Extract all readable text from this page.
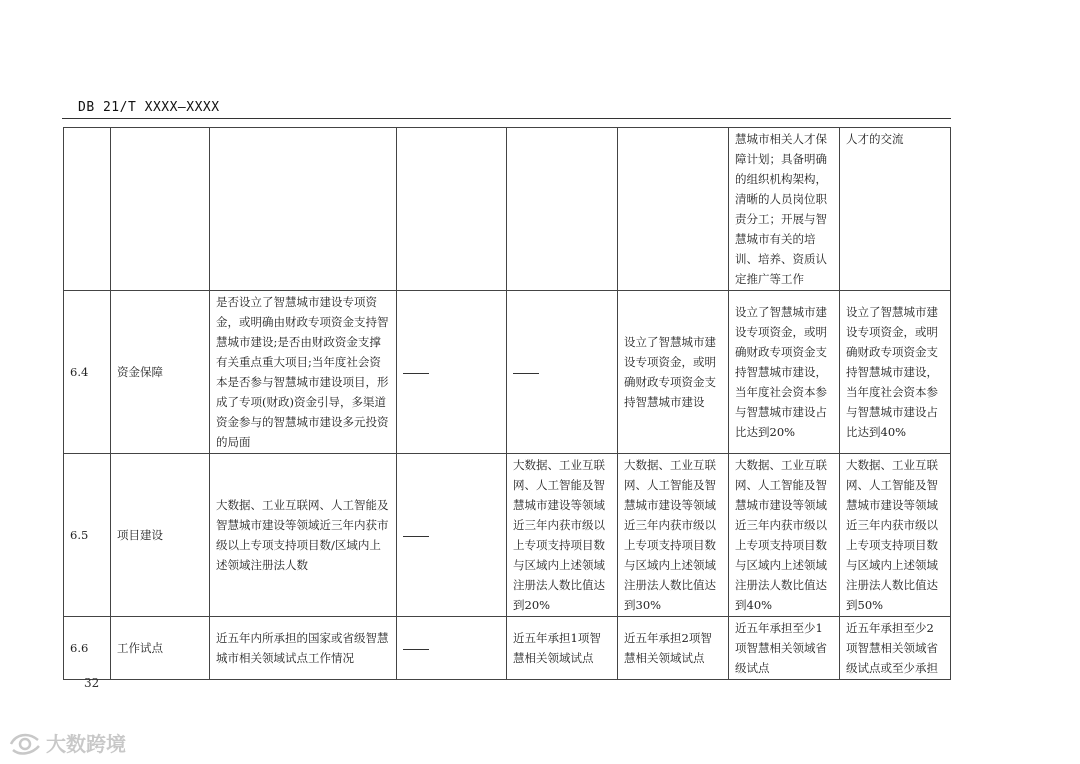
DB 21/T XXXX—XXXX
						慧城市相关人才保障计划；具备明确的组织机构架构，清晰的人员岗位职责分工；开展与智慧城市有关的培训、培养、资质认定推广等工作	人才的交流
6.4	资金保障	是否设立了智慧城市建设专项资金，或明确由财政专项资金支持智慧城市建设;是否由财政资金支撑有关重点重大项目;当年度社会资本是否参与智慧城市建设项目，形成了专项(财政)资金引导，多渠道资金参与的智慧城市建设多元投资的局面			设立了智慧城市建设专项资金，或明确财政专项资金支持智慧城市建设	设立了智慧城市建设专项资金，或明确财政专项资金支持智慧城市建设，当年度社会资本参与智慧城市建设占比达到20%	设立了智慧城市建设专项资金，或明确财政专项资金支持智慧城市建设，当年度社会资本参与智慧城市建设占比达到40%
6.5	项目建设	大数据、工业互联网、人工智能及智慧城市建设等领域近三年内获市级以上专项支持项目数/区域内上述领域注册法人数		大数据、工业互联网、人工智能及智慧城市建设等领域近三年内获市级以上专项支持项目数与区域内上述领域注册法人数比值达到20%	大数据、工业互联网、人工智能及智慧城市建设等领域近三年内获市级以上专项支持项目数与区域内上述领域注册法人数比值达到30%	大数据、工业互联网、人工智能及智慧城市建设等领域近三年内获市级以上专项支持项目数与区域内上述领域注册法人数比值达到40%	大数据、工业互联网、人工智能及智慧城市建设等领域近三年内获市级以上专项支持项目数与区域内上述领域注册法人数比值达到50%
6.6	工作试点	近五年内所承担的国家或省级智慧城市相关领域试点工作情况		近五年承担1项智慧相关领域试点	近五年承担2项智慧相关领域试点	近五年承担至少1项智慧相关领域省级试点	近五年承担至少2项智慧相关领域省级试点或至少承担
32
大数跨境
